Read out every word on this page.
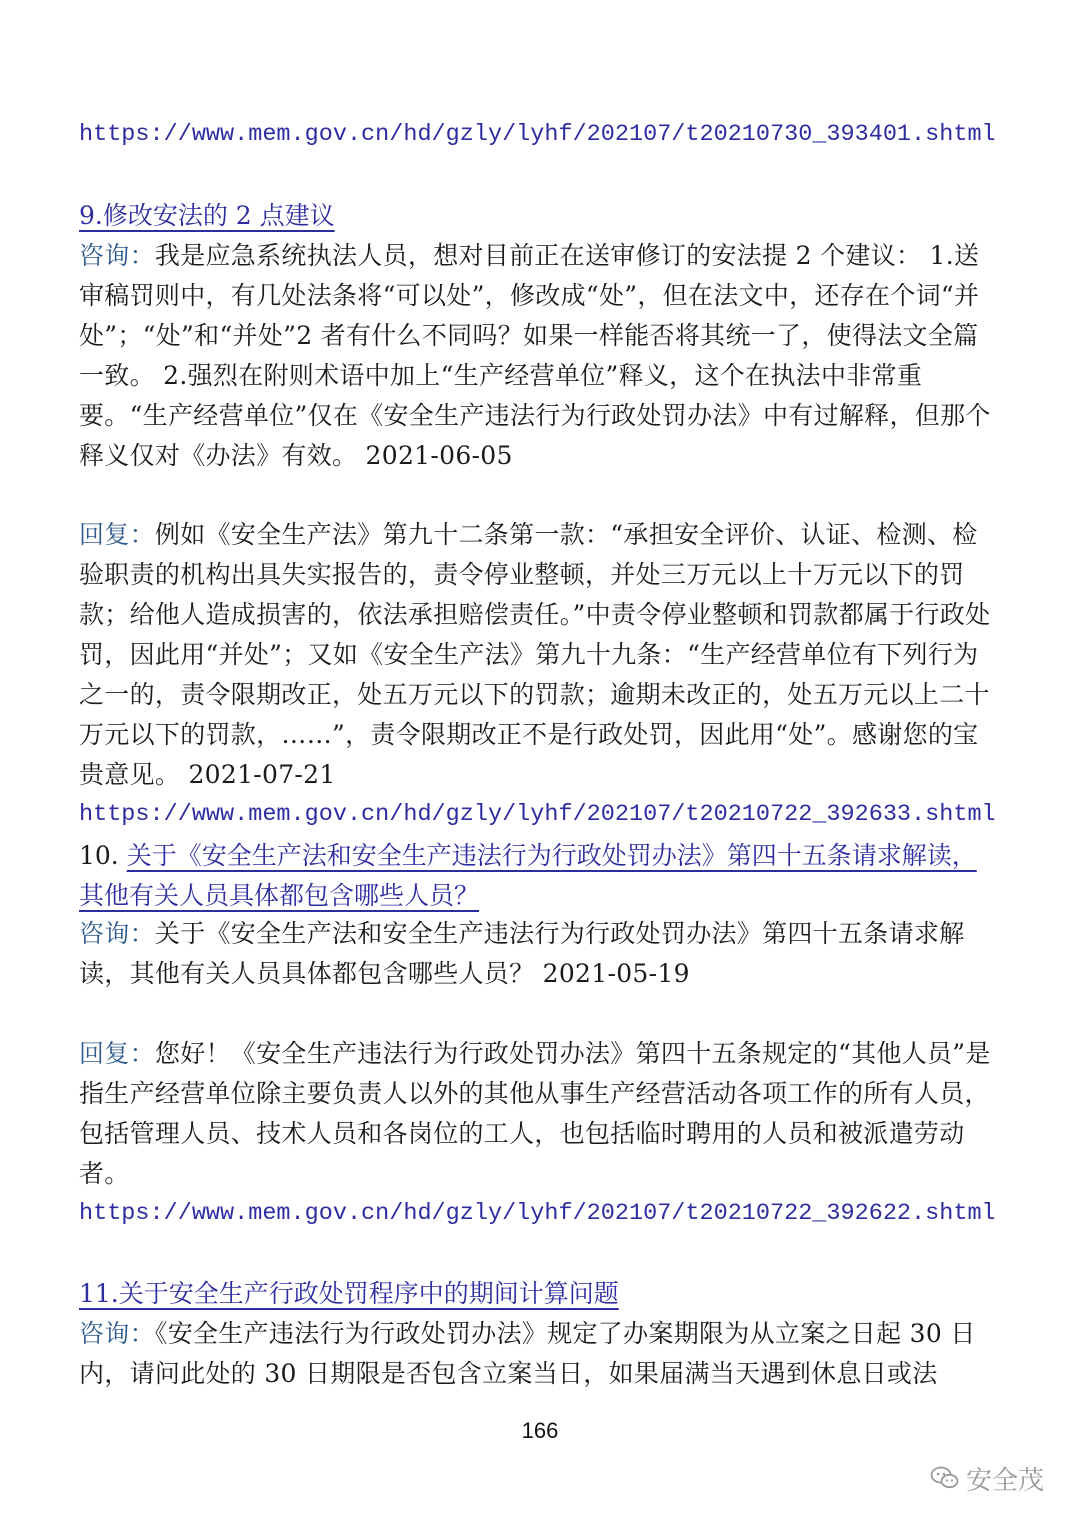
https://www.mem.gov.cn/hd/gzly/lyhf/202107/t20210730_393401.shtml
9.修改安法的 2 点建议
咨询：我是应急系统执法人员，想对目前正在送审修订的安法提 2 个建议： 1.送审稿罚则中，有几处法条将“可以处”，修改成“处”，但在法文中，还存在个词“并处”；“处”和“并处”2 者有什么不同吗？如果一样能否将其统一了，使得法文全篇一致。 2.强烈在附则术语中加上“生产经营单位”释义，这个在执法中非常重要。“生产经营单位”仅在《安全生产违法行为行政处罚办法》中有过解释，但那个释义仅对《办法》有效。 2021-06-05
回复：例如《安全生产法》第九十二条第一款：“承担安全评价、认证、检测、检验职责的机构出具失实报告的，责令停业整顿，并处三万元以上十万元以下的罚款；给他人造成损害的，依法承担赔偿责任。”中责令停业整顿和罚款都属于行政处罚，因此用“并处”；又如《安全生产法》第九十九条：“生产经营单位有下列行为之一的，责令限期改正，处五万元以下的罚款；逾期未改正的，处五万元以上二十万元以下的罚款，……”，责令限期改正不是行政处罚，因此用“处”。感谢您的宝贵意见。 2021-07-21
https://www.mem.gov.cn/hd/gzly/lyhf/202107/t20210722_392633.shtml
10. 关于《安全生产法和安全生产违法行为行政处罚办法》第四十五条请求解读，其他有关人员具体都包含哪些人员？
咨询：关于《安全生产法和安全生产违法行为行政处罚办法》第四十五条请求解读，其他有关人员具体都包含哪些人员？ 2021-05-19
回复：您好！《安全生产违法行为行政处罚办法》第四十五条规定的“其他人员”是指生产经营单位除主要负责人以外的其他从事生产经营活动各项工作的所有人员，包括管理人员、技术人员和各岗位的工人，也包括临时聘用的人员和被派遣劳动者。
https://www.mem.gov.cn/hd/gzly/lyhf/202107/t20210722_392622.shtml
11.关于安全生产行政处罚程序中的期间计算问题
咨询：《安全生产违法行为行政处罚办法》规定了办案期限为从立案之日起 30 日内，请问此处的 30 日期限是否包含立案当日，如果届满当天遇到休息日或法
166
安全茂
